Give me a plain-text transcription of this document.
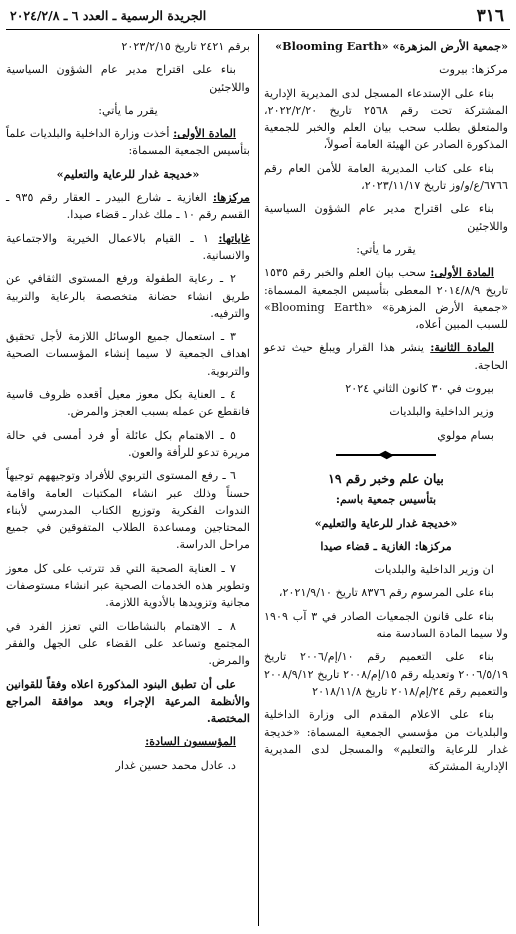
٣١٦
الجريدة الرسمية ـ العدد ٦ ـ ٢٠٢٤/٢/٨

«جمعية الأرض المزهرة» «Blooming Earth»

مركزها: بيروت

بناء على الإستدعاء المسجل لدى المديرية الإدارية المشتركة تحت رقم ٢٥٦٨ تاريخ ٢٠٢٢/٢/٢٠، والمتعلق بطلب سحب بيان العلم والخبر للجمعية المذكورة الصادر عن الهيئة العامة أصولاً،

بناء على كتاب المديرية العامة للأمن العام رقم ٦٧٦٦/ع/و/وز تاريخ ٢٠٢٣/١١/١٧،

بناء على اقتراح مدير عام الشؤون السياسية واللاجئين

يقرر ما يأتي:

المادة الأولى: سحب بيان العلم والخبر رقم ١٥٣٥ تاريخ ٢٠١٤/٨/٩ المعطى بتأسيس الجمعية المسماة: «جمعية الأرض المزهرة» «Blooming Earth» للسبب المبين أعلاه،

المادة الثانية: ينشر هذا القرار ويبلغ حيث تدعو الحاجة.

بيروت في ٣٠ كانون الثاني ٢٠٢٤

وزير الداخلية والبلديات

بسام مولوي

بيان علم وخبر رقم ١٩

بتأسيس جمعية باسم:

«خديجة غدار للرعاية والتعليم»

مركزها: الغازية ـ قضاء صيدا

ان وزير الداخلية والبلديات

بناء على المرسوم رقم ٨٣٧٦ تاريخ ٢٠٢١/٩/١٠،

بناء على قانون الجمعيات الصادر في ٣ آب ١٩٠٩ ولا سيما المادة السادسة منه

بناء على التعميم رقم ١٠/إم/٢٠٠٦ تاريخ ٢٠٠٦/٥/١٩ وتعديله رقم ١٥/إم/٢٠٠٨ تاريخ ٢٠٠٨/٩/١٢ والتعميم رقم ٢٤/إم/٢٠١٨ تاريخ ٢٠١٨/١١/٨

بناء على الاعلام المقدم الى وزارة الداخلية والبلديات من مؤسسي الجمعية المسماة: «خديجة غدار للرعاية والتعليم» والمسجل لدى المديرية الإدارية المشتركة

برقم ٢٤٢١ تاريخ ٢٠٢٣/٢/١٥

بناء على اقتراح مدير عام الشؤون السياسية واللاجئين

يقرر ما يأتي:

المادة الأولى: أخذت وزارة الداخلية والبلديات علماً بتأسيس الجمعية المسماة:

«خديجة غدار للرعاية والتعليم»

مركزها: الغازية ـ شارع البيدر ـ العقار رقم ٩٣٥ ـ القسم رقم ١٠ ـ ملك غدار ـ قضاء صيدا.

غاياتها: ١ ـ القيام بالاعمال الخيرية والاجتماعية والانسانية.

٢ ـ رعاية الطفولة ورفع المستوى الثقافي عن طريق انشاء حضانة متخصصة بالرعاية والتربية والترفيه.

٣ ـ استعمال جميع الوسائل اللازمة لأجل تحقيق اهداف الجمعية لا سيما إنشاء المؤسسات الصحية والتربوية.

٤ ـ العناية بكل معوز معيل أقعده ظروف قاسية فانقطع عن عمله بسبب العجز والمرض.

٥ ـ الاهتمام بكل عائلة أو فرد أمسى في حالة مريرة تدعو للرأفة والعون.

٦ ـ رفع المستوى التربوي للأفراد وتوجيههم توجيهاً حسناً وذلك عبر انشاء المكتبات العامة واقامة الندوات الفكرية وتوزيع الكتاب المدرسي لأبناء المحتاجين ومساعدة الطلاب المتفوقين في جميع مراحل الدراسة.

٧ ـ العناية الصحية التي قد تترتب على كل معوز وتطوير هذه الخدمات الصحية عبر انشاء مستوصفات مجانية وتزويدها بالأدوية اللازمة.

٨ ـ الاهتمام بالنشاطات التي تعزز الفرد في المجتمع وتساعد على القضاء على الجهل والفقر والمرض.

على أن تطبق البنود المذكورة اعلاه وفقاً للقوانين والأنظمة المرعية الإجراء وبعد موافقة المراجع المختصة.

المؤسسون السادة:

د. عادل محمد حسين غدار
